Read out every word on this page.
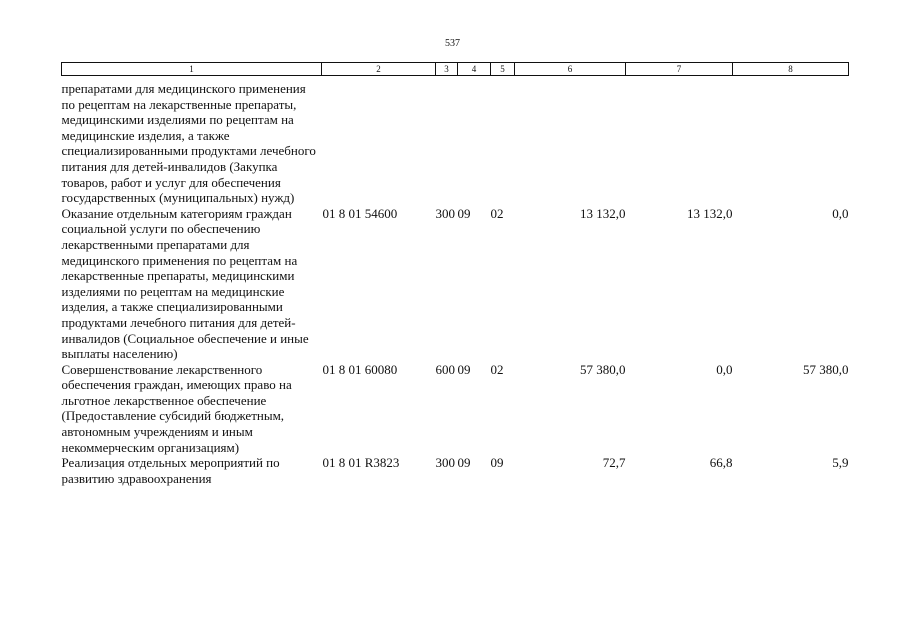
537
1	2	3	4	5	6	7	8
препаратами для медицинского применения по рецептам на лекарственные препараты, медицинскими изделиями по рецептам на медицинские изделия, а также специализированными продуктами лечебного питания для детей-инвалидов (Закупка товаров, работ и услуг для обеспечения государственных (муниципальных) нужд)							
Оказание отдельным категориям граждан социальной услуги по обеспечению лекарственными препаратами для медицинского применения по рецептам на лекарственные препараты, медицинскими изделиями по рецептам на медицинские изделия, а также специализированными продуктами лечебного питания для детей-инвалидов (Социальное обеспечение и иные выплаты населению)	01 8 01 54600	300	09	02	13 132,0	13 132,0	0,0
Совершенствование лекарственного обеспечения граждан, имеющих право на льготное лекарственное обеспечение (Предоставление субсидий бюджетным, автономным учреждениям и иным некоммерческим организациям)	01 8 01 60080	600	09	02	57 380,0	0,0	57 380,0
Реализация отдельных мероприятий по развитию здравоохранения	01 8 01 R3823	300	09	09	72,7	66,8	5,9
